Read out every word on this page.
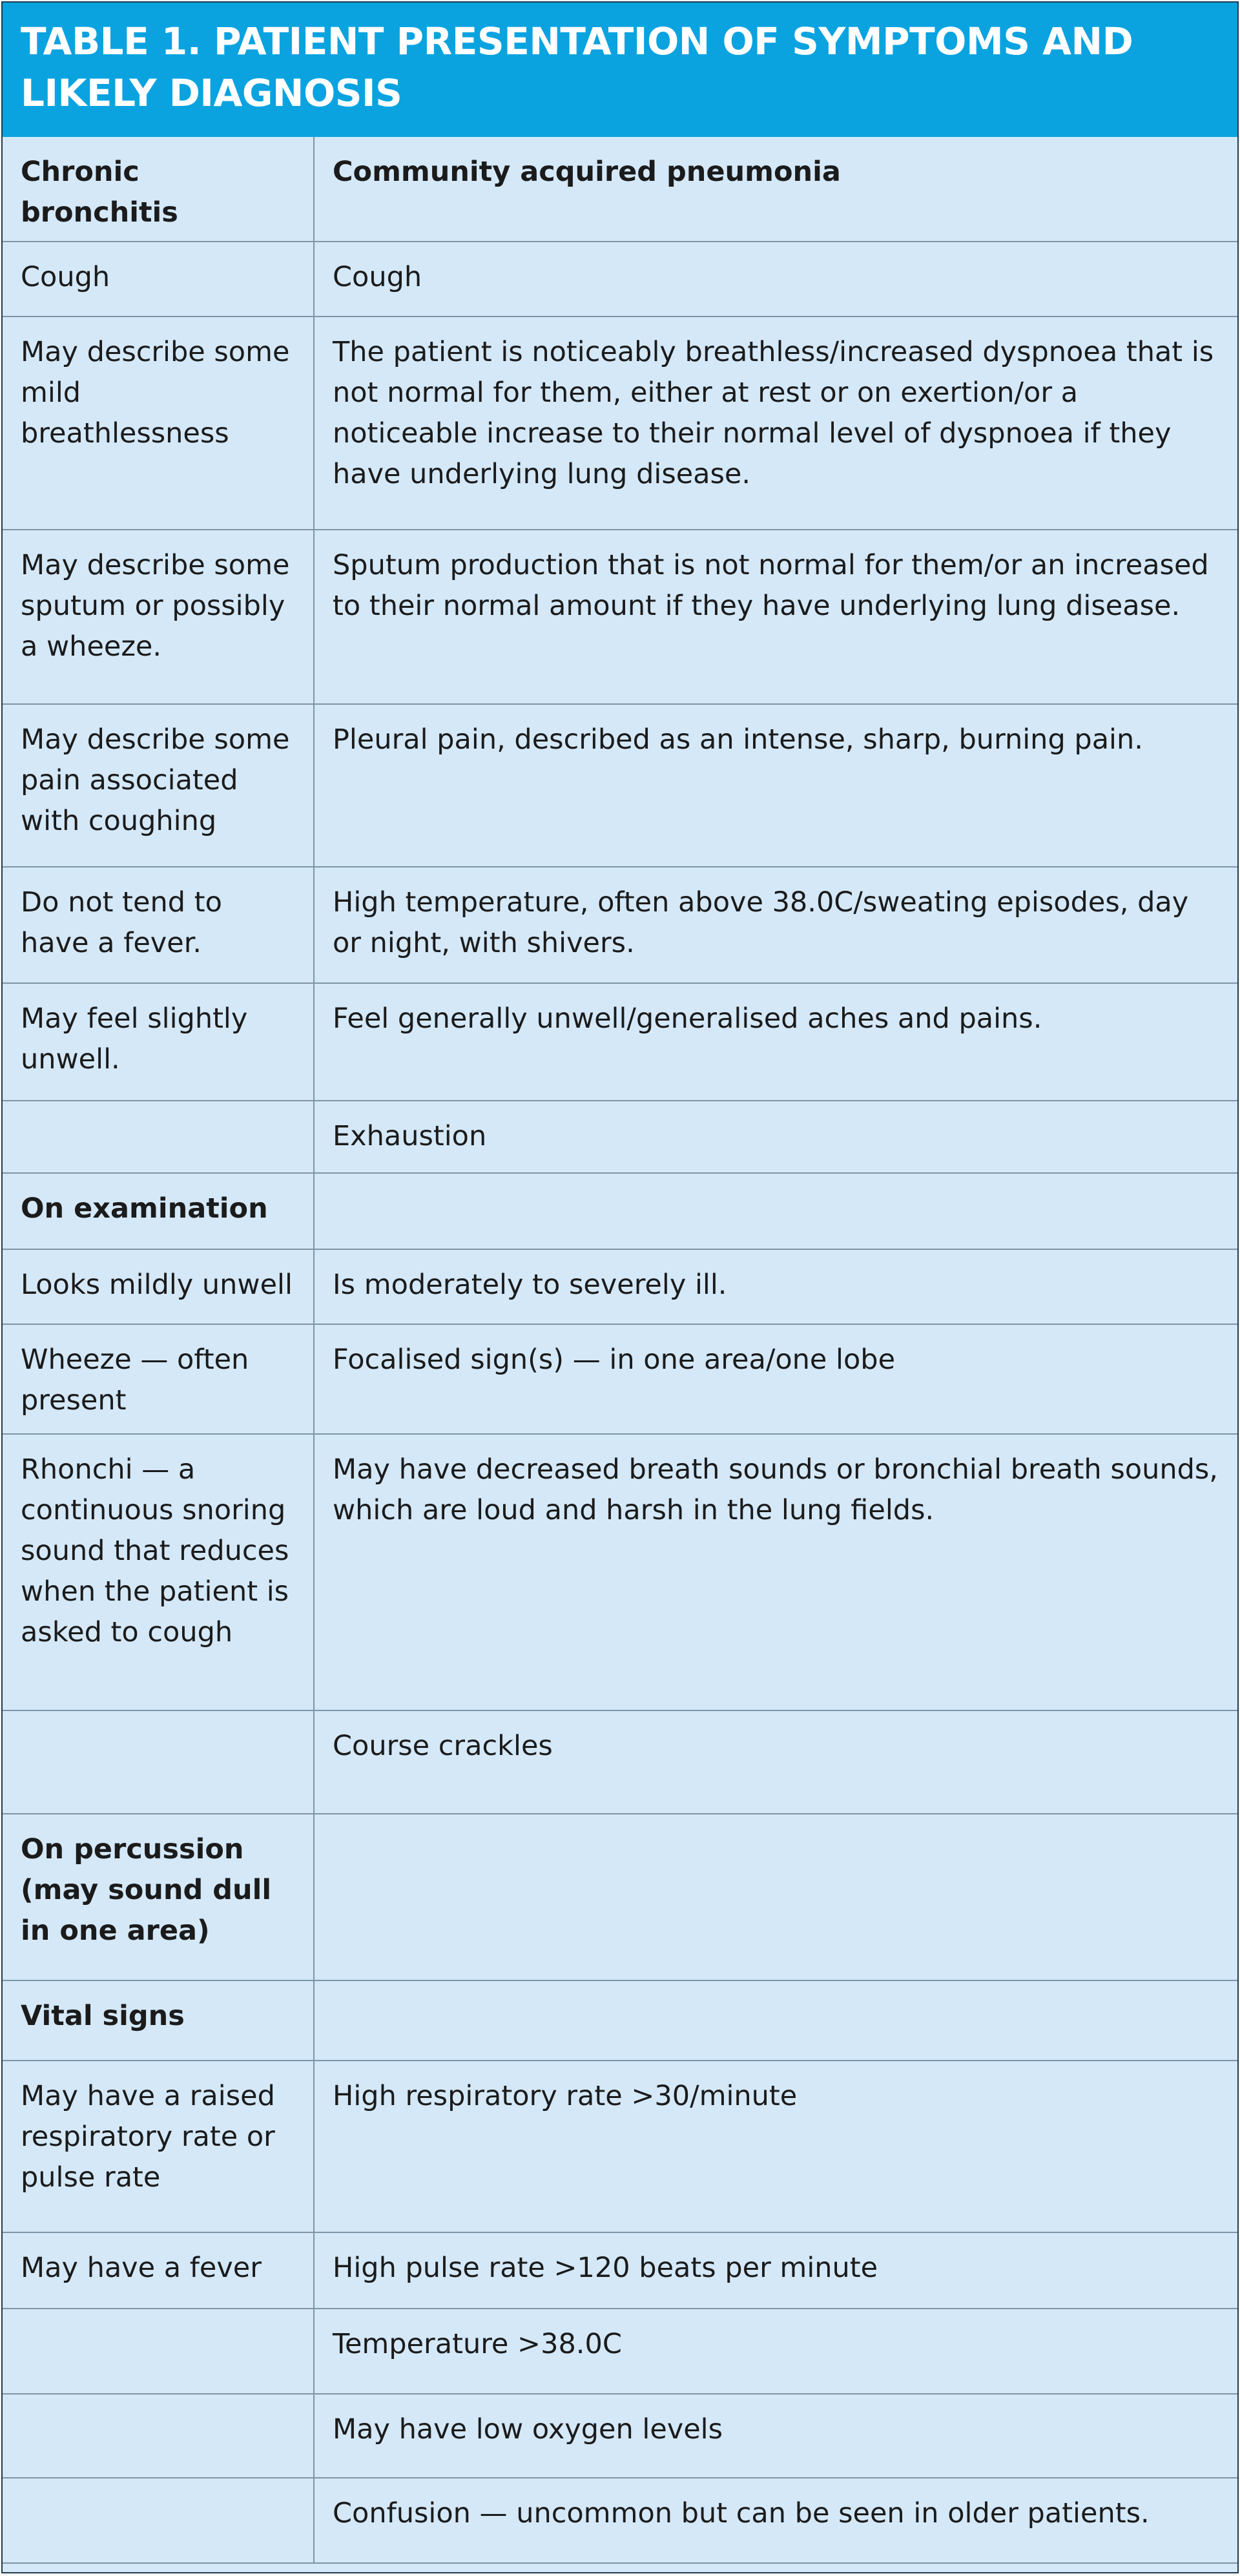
TABLE 1. PATIENT PRESENTATION OF SYMPTOMS AND LIKELY DIAGNOSIS
Chronic bronchitis	Community acquired pneumonia
Cough	Cough
May describe some mild breathlessness	The patient is noticeably breathless/increased dyspnoea that is not normal for them, either at rest or on exertion/or a noticeable increase to their normal level of dyspnoea if they have underlying lung disease.
May describe some sputum or possibly a wheeze.	Sputum production that is not normal for them/or an increased to their normal amount if they have underlying lung disease.
May describe some pain associated with coughing	Pleural pain, described as an intense, sharp, burning pain.
Do not tend to have a fever.	High temperature, often above 38.0C/sweating episodes, day or night, with shivers.
May feel slightly unwell.	Feel generally unwell/generalised aches and pains.
	Exhaustion
On examination	
Looks mildly unwell	Is moderately to severely ill.
Wheeze — often present	Focalised sign(s) — in one area/one lobe
Rhonchi — a continuous snoring sound that reduces when the patient is asked to cough	May have decreased breath sounds or bronchial breath sounds, which are loud and harsh in the lung fields.
	Course crackles
On percussion (may sound dull in one area)	
Vital signs	
May have a raised respiratory rate or pulse rate	High respiratory rate >30/minute
May have a fever	High pulse rate >120 beats per minute
	Temperature >38.0C
	May have low oxygen levels
	Confusion — uncommon but can be seen in older patients.
